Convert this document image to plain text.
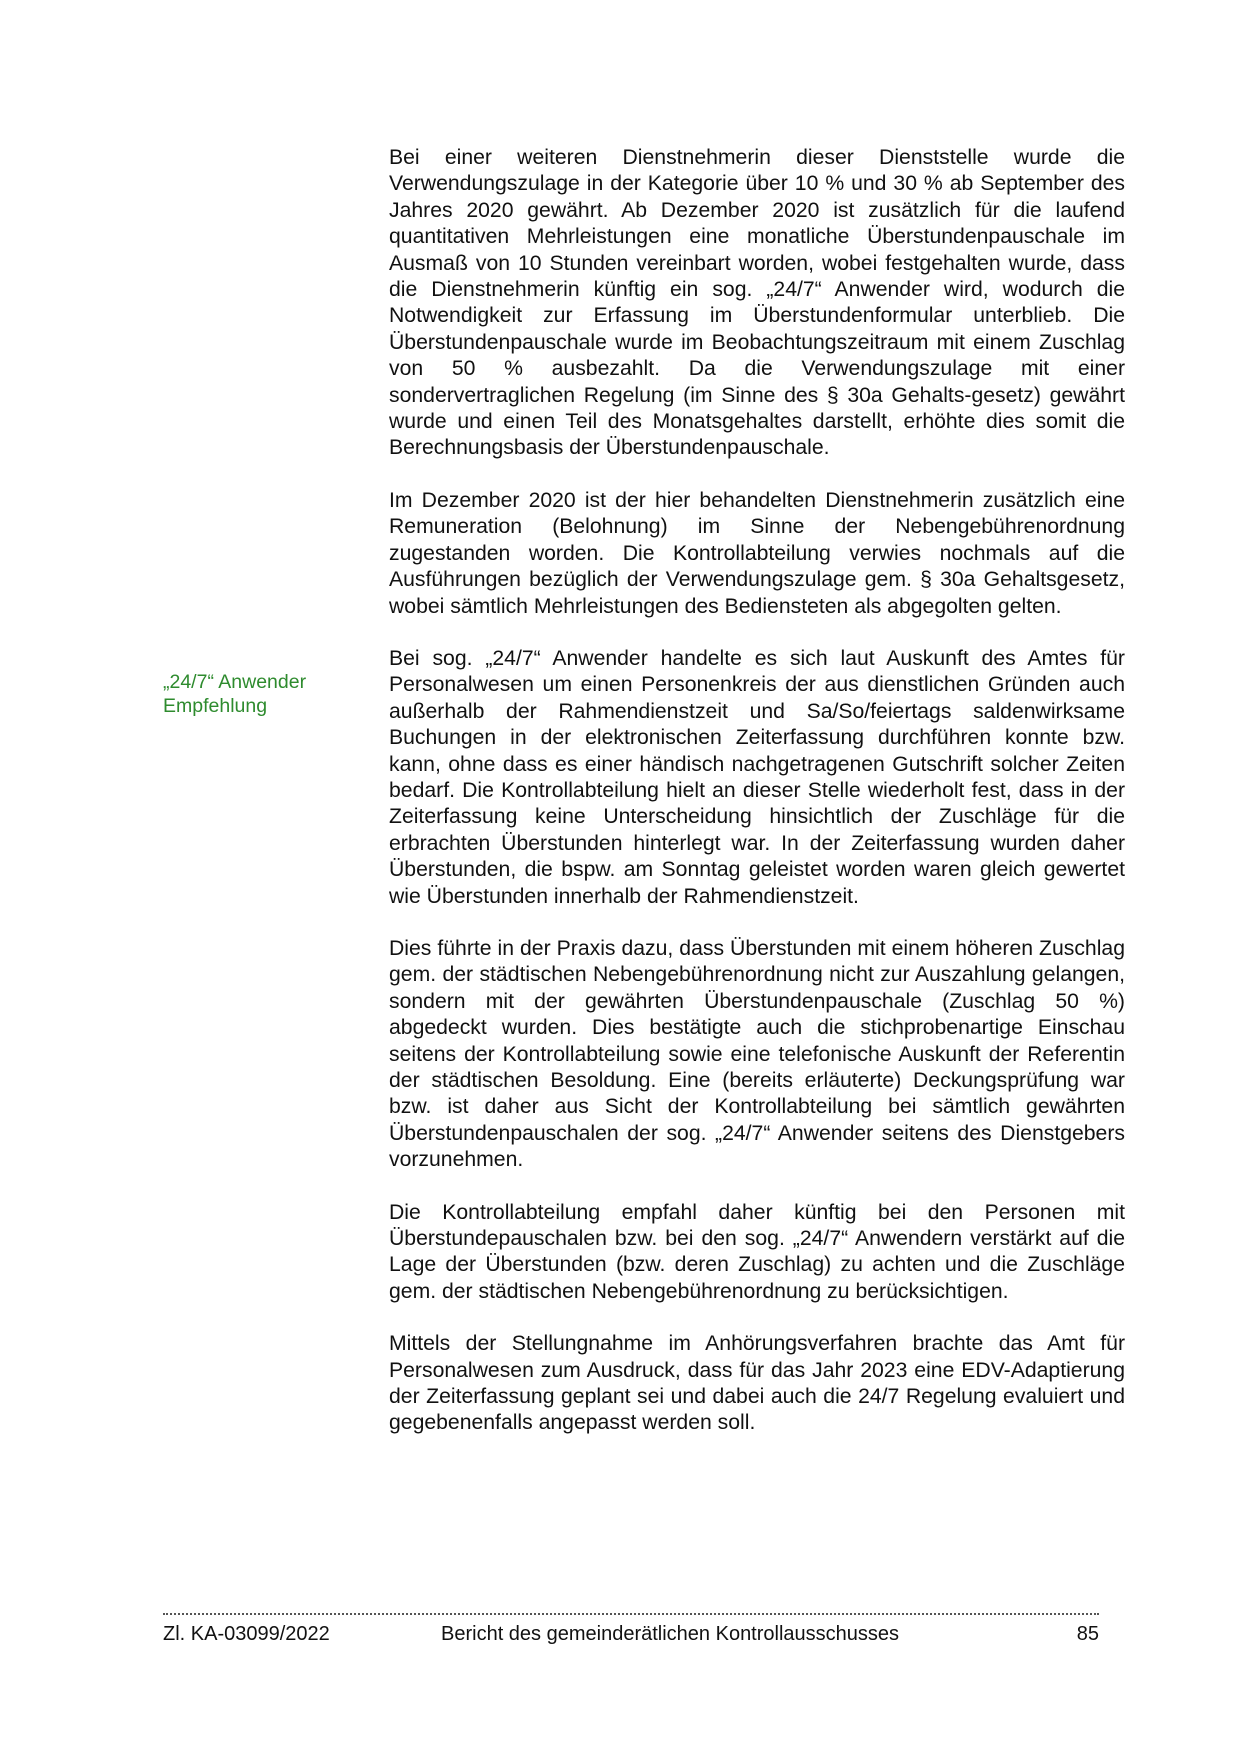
Bei einer weiteren Dienstnehmerin dieser Dienststelle wurde die Verwendungszulage in der Kategorie über 10 % und 30 % ab September des Jahres 2020 gewährt. Ab Dezember 2020 ist zusätzlich für die laufend quantitativen Mehrleistungen eine monatliche Überstundenpauschale im Ausmaß von 10 Stunden vereinbart worden, wobei festgehalten wurde, dass die Dienstnehmerin künftig ein sog. „24/7“ Anwender wird, wodurch die Notwendigkeit zur Erfassung im Überstundenformular unterblieb. Die Überstundenpauschale wurde im Beobachtungszeitraum mit einem Zuschlag von 50 % ausbezahlt. Da die Verwendungszulage mit einer sondervertraglichen Regelung (im Sinne des § 30a Gehalts-gesetz) gewährt wurde und einen Teil des Monatsgehaltes darstellt, erhöhte dies somit die Berechnungsbasis der Überstundenpauschale.

Im Dezember 2020 ist der hier behandelten Dienstnehmerin zusätzlich eine Remuneration (Belohnung) im Sinne der Nebengebührenordnung zugestanden worden. Die Kontrollabteilung verwies nochmals auf die Ausführungen bezüglich der Verwendungszulage gem. § 30a Gehaltsgesetz, wobei sämtlich Mehrleistungen des Bediensteten als abgegolten gelten.

Bei sog. „24/7“ Anwender handelte es sich laut Auskunft des Amtes für Personalwesen um einen Personenkreis der aus dienstlichen Gründen auch außerhalb der Rahmendienstzeit und Sa/So/feiertags saldenwirksame Buchungen in der elektronischen Zeiterfassung durchführen konnte bzw. kann, ohne dass es einer händisch nachgetragenen Gutschrift solcher Zeiten bedarf. Die Kontrollabteilung hielt an dieser Stelle wiederholt fest, dass in der Zeiterfassung keine Unterscheidung hinsichtlich der Zuschläge für die erbrachten Überstunden hinterlegt war. In der Zeiterfassung wurden daher Überstunden, die bspw. am Sonntag geleistet worden waren gleich gewertet wie Überstunden innerhalb der Rahmendienstzeit.

Dies führte in der Praxis dazu, dass Überstunden mit einem höheren Zuschlag gem. der städtischen Nebengebührenordnung nicht zur Auszahlung gelangen, sondern mit der gewährten Überstundenpauschale (Zuschlag 50 %) abgedeckt wurden. Dies bestätigte auch die stichprobenartige Einschau seitens der Kontrollabteilung sowie eine telefonische Auskunft der Referentin der städtischen Besoldung. Eine (bereits erläuterte) Deckungsprüfung war bzw. ist daher aus Sicht der Kontrollabteilung bei sämtlich gewährten Überstundenpauschalen der sog. „24/7“ Anwender seitens des Dienstgebers vorzunehmen.

Die Kontrollabteilung empfahl daher künftig bei den Personen mit Überstundepauschalen bzw. bei den sog. „24/7“ Anwendern verstärkt auf die Lage der Überstunden (bzw. deren Zuschlag) zu achten und die Zuschläge gem. der städtischen Nebengebührenordnung zu berücksichtigen.

Mittels der Stellungnahme im Anhörungsverfahren brachte das Amt für Personalwesen zum Ausdruck, dass für das Jahr 2023 eine EDV-Adaptierung der Zeiterfassung geplant sei und dabei auch die 24/7 Regelung evaluiert und gegebenenfalls angepasst werden soll.

„24/7“ Anwender
Empfehlung
Zl. KA-03099/2022	Bericht des gemeinderätlichen Kontrollausschusses	85
